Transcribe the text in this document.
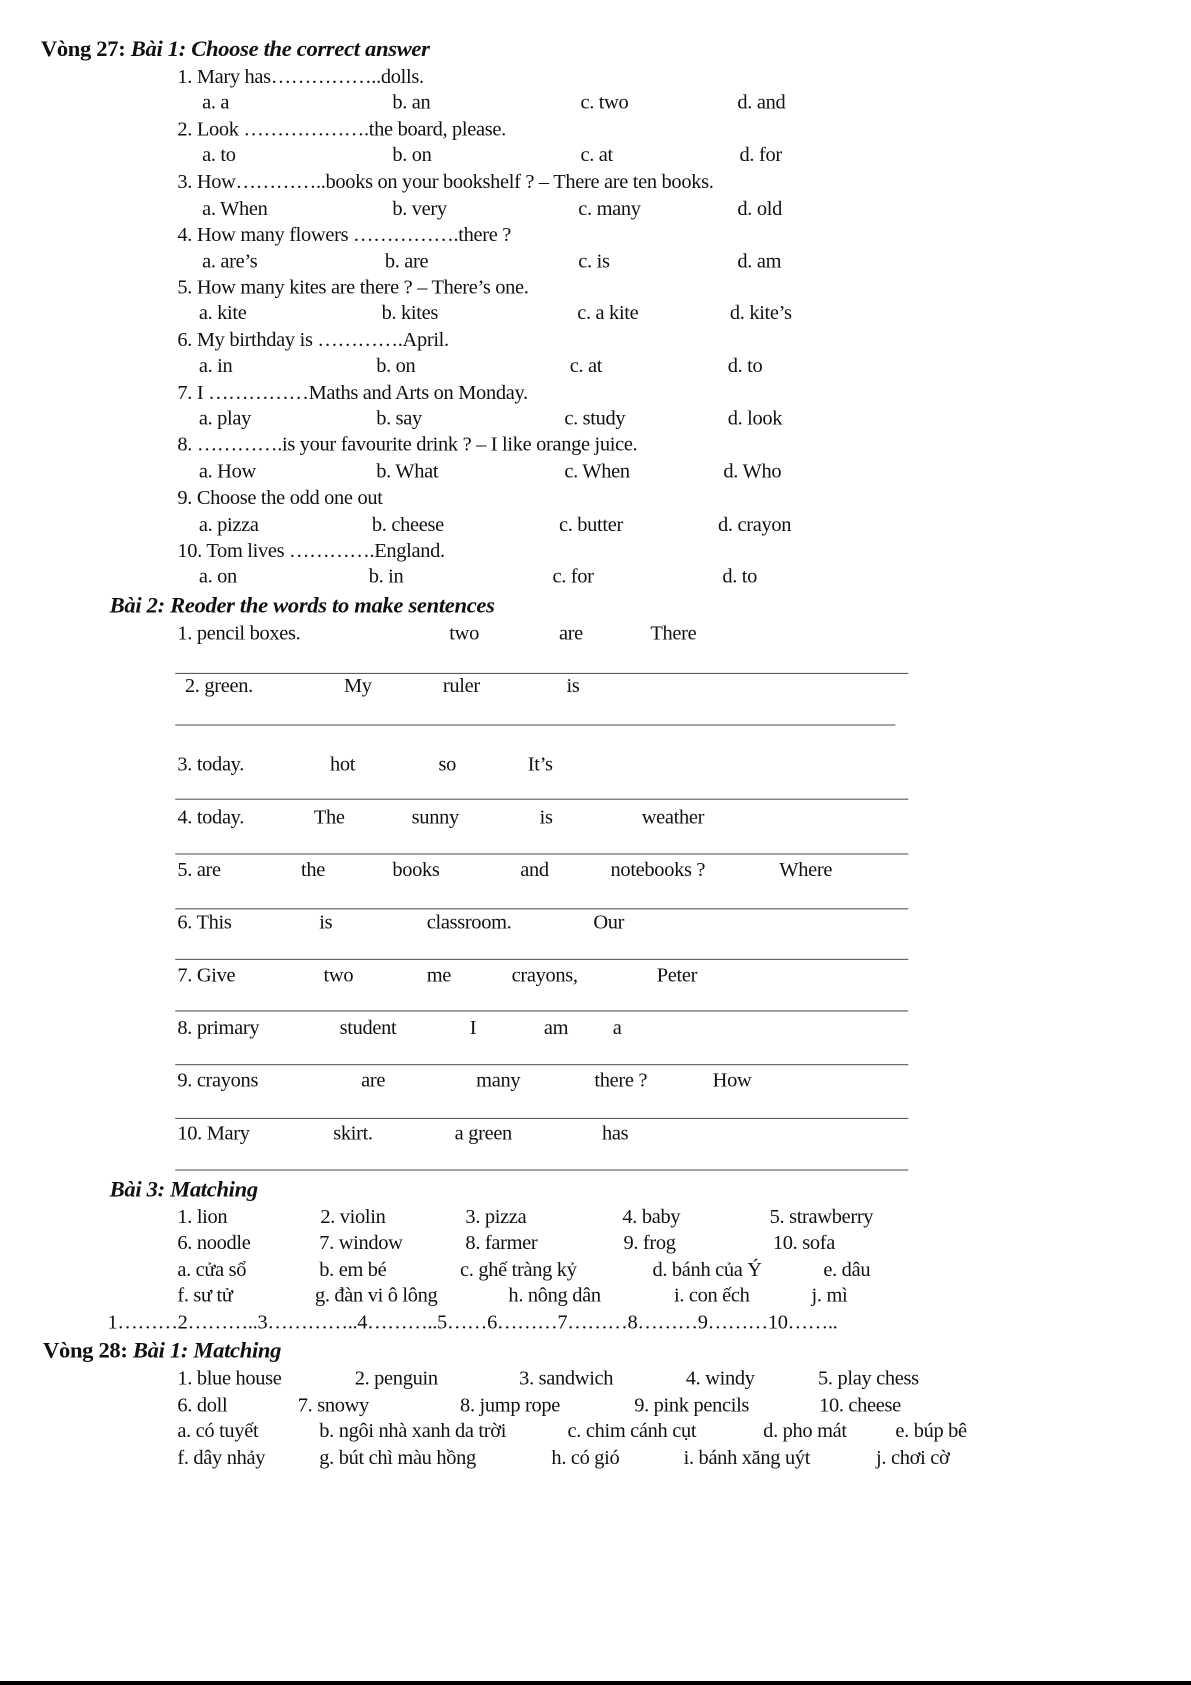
Vòng 27: Bài 1: Choose the correct answer
Bài 2: Reoder the words to make sentences
Bài 3: Matching
1………2………..3…………..4………..5……6………7………8………9………10……..
Vòng 28: Bài 1: Matching
1. Mary has……………..dolls.
a. a	b. an	c. two	d. and
2. Look ……………….the board, please.
a. to	b. on	c. at	d. for
3. How…………..books on your bookshelf ? – There are ten books.
a. When	b. very	c. many	d. old
4. How many flowers …………….there ?
a. are’s	b. are	c. is	d. am
5. How many kites are there ? – There’s one.
a. kite	b. kites	c. a kite	d. kite’s
6. My birthday is ………….April.
a. in	b. on	c. at	d. to
7. I ……………Maths and Arts on Monday.
a. play	b. say	c. study	d. look
8. ………….is your favourite drink ? – I like orange juice.
a. How	b. What	c. When	d. Who
9. Choose the odd one out
a. pizza	b. cheese	c. butter	d. crayon
10. Tom lives ………….England.
a. on	b. in	c. for	d. to
1. pencil boxes.	two	are	There
2. green.	My	ruler	is
3. today.	hot	so	It’s
4. today.	The	sunny	is	weather
5. are	the	books	and	notebooks ?	Where
6. This	is	classroom.	Our
7. Give	two	me	crayons,	Peter
8. primary	student	I	am a
9. crayons	are	many	there ?	How
10. Mary	skirt.	a green	has
1. lion	2. violin	3. pizza	4. baby	5. strawberry
6. noodle	7. window	8. farmer	9. frog	10. sofa
a. cửa sổ	b. em bé	c. ghế tràng kỷ	d. bánh của Ý	e. dâu
f. sư tử	g. đàn vi ô lông	h. nông dân	i. con ếch	j. mì
1. blue house	2. penguin	3. sandwich	4. windy	5. play chess
6. doll	7. snowy	8. jump rope	9. pink pencils	10. cheese
a. có tuyết	b. ngôi nhà xanh da trời	c. chim cánh cụt	d. pho mát	e. búp bê
f. dây nhảy	g. bút chì màu hồng	h. có gió	i. bánh xăng uýt	j. chơi cờ
